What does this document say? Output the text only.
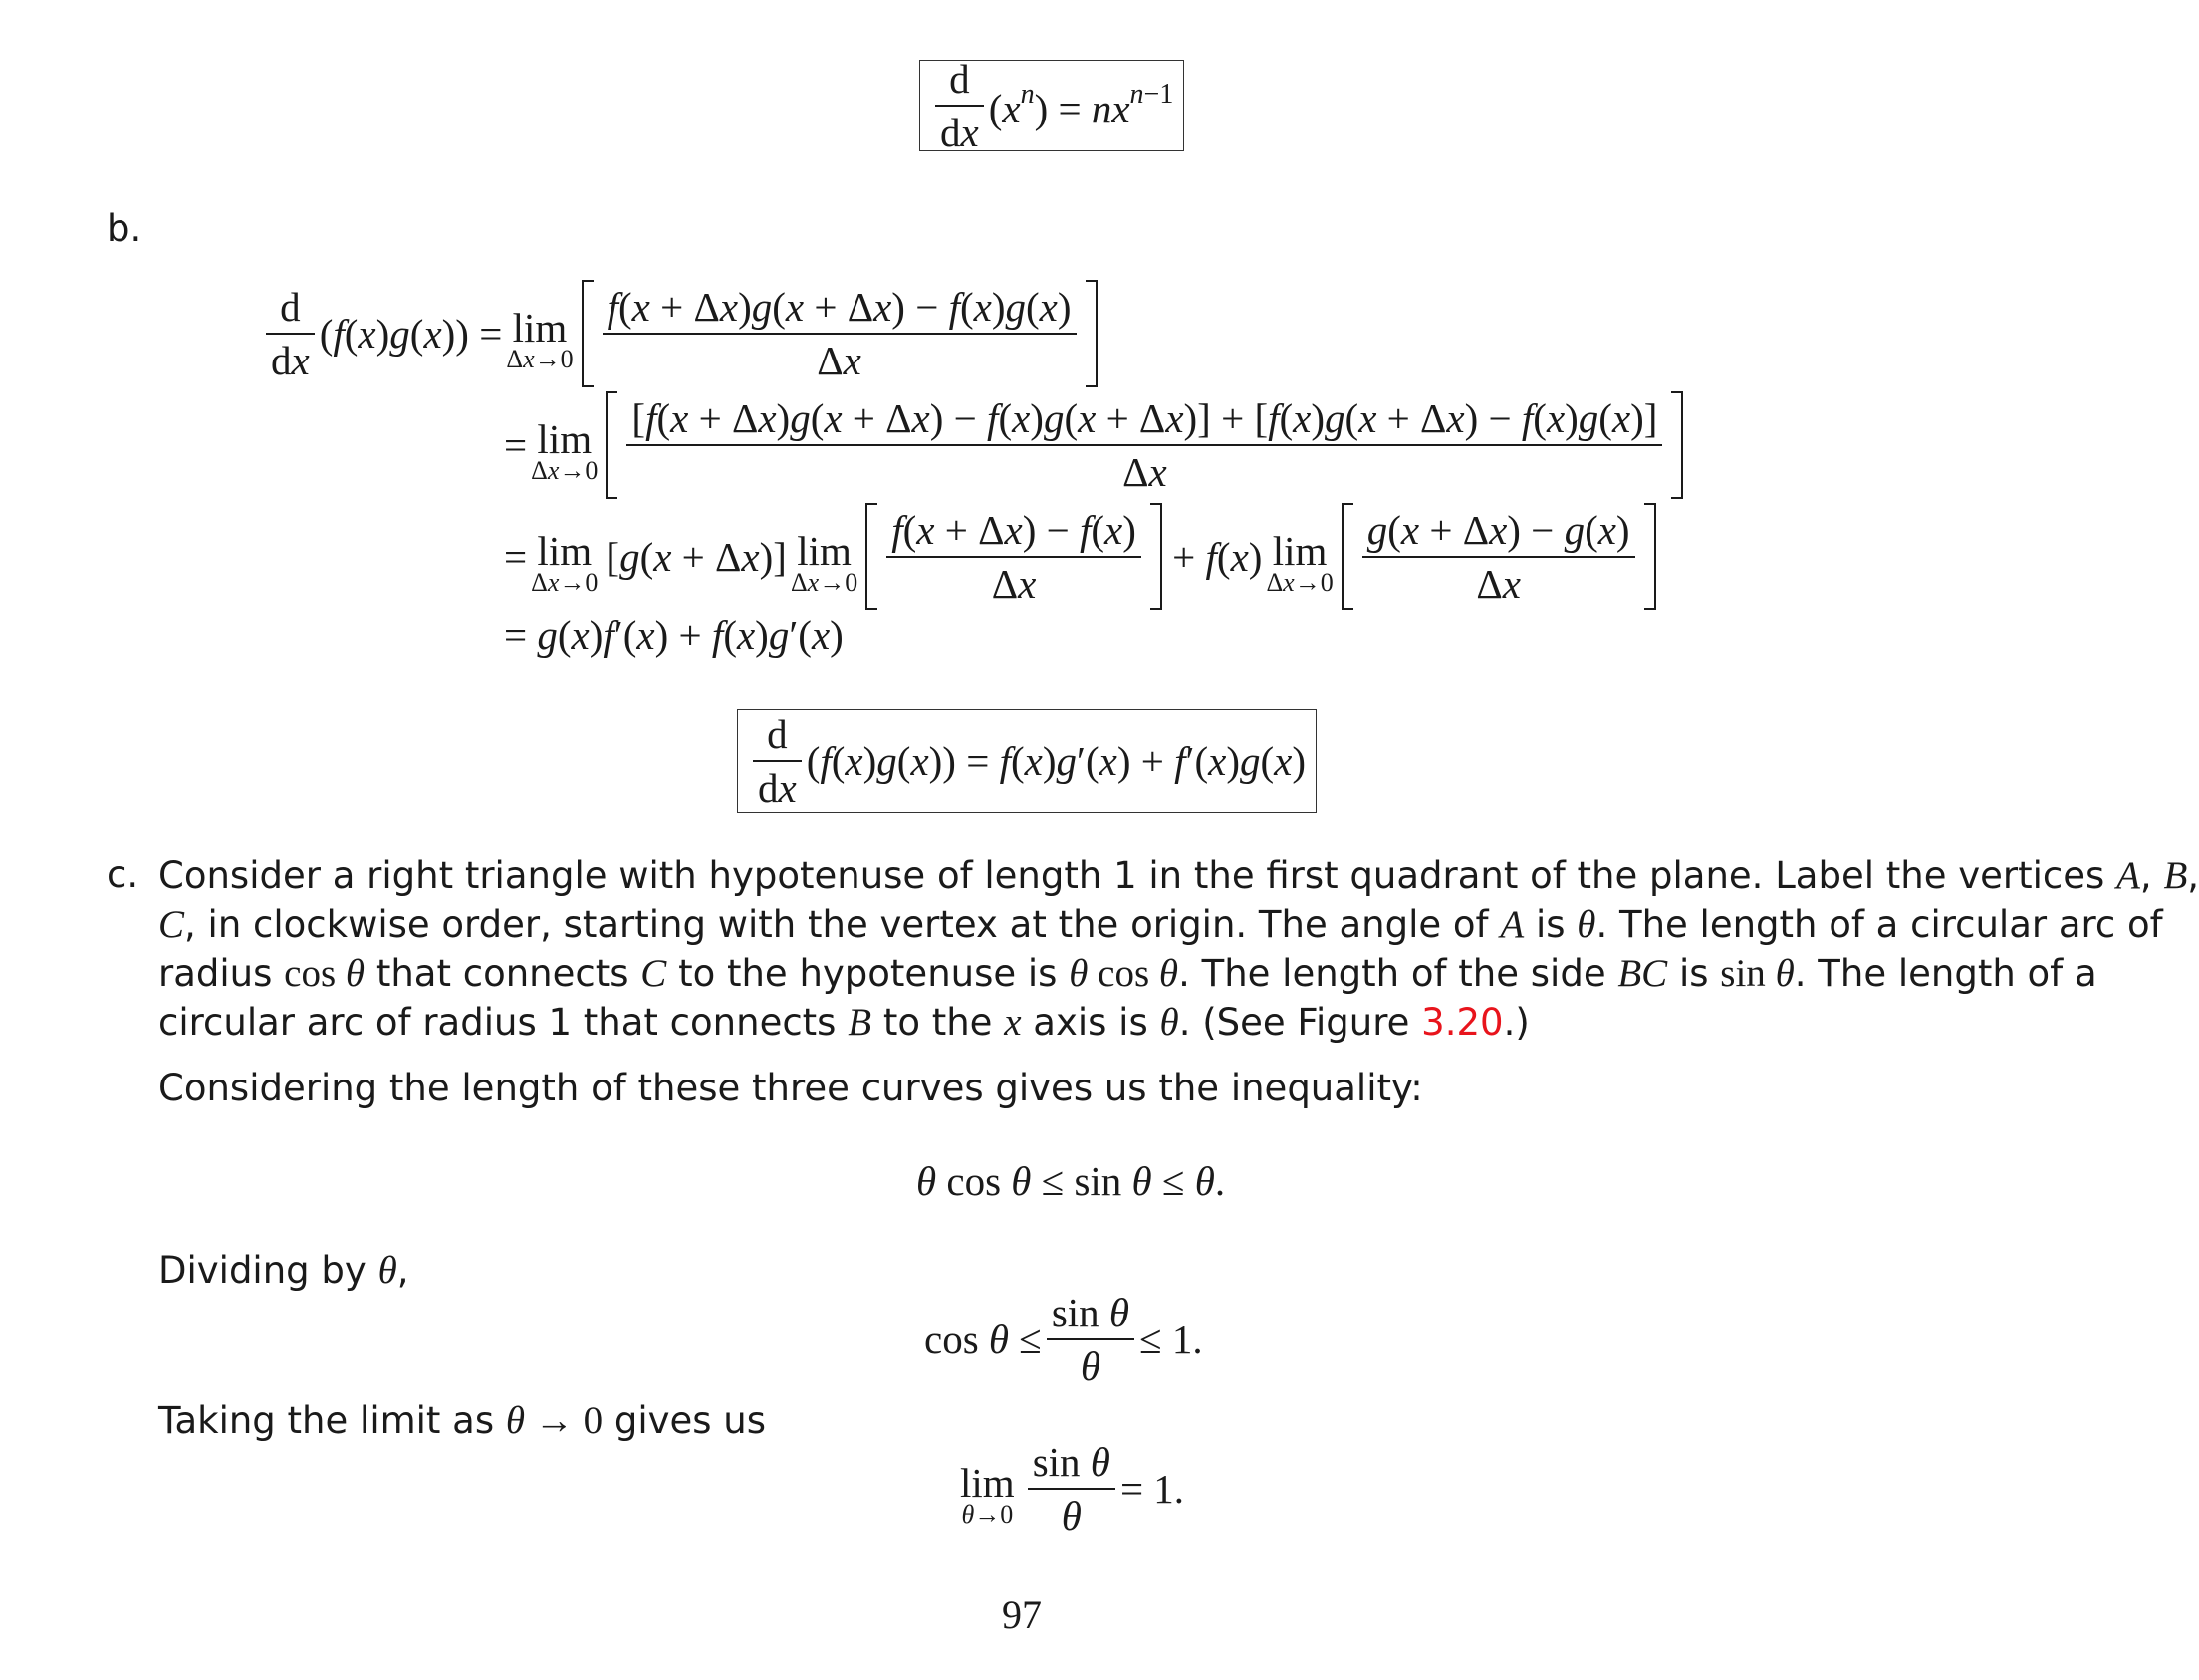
$\frac{d}{dx} (x^n) = nx^{n-1}$
b.
$\frac{d}{dx} (f(x)g(x)) = \lim$
$\Delta x\to 0 \frac{f(x + \Delta x)g(x + \Delta x) - f(x)g(x)}{\Delta x}$
= lim
Δx→0
[f(x + Δx)g(x + Δx) − f(x)g(x + Δx)] + [f(x)g(x + Δx) − f(x)g(x)]
Δx
= lim
Δx→0
[g(x + Δx)] lim
$\Delta x\to 0 \frac{f(x + \Delta x) - f(x)}{\Delta x} + f(x)$ lim
$\Delta x\to 0 \frac{g(x + \Delta x) - g(x)}{\Delta x}$
= g(x)f′(x) + f(x)g′(x)
$\frac{d}{dx} (f(x)g(x)) = f(x)g'(x) + f'(x)g(x)$
c. Consider a right triangle with hypotenuse of length 1 in the first quadrant of the plane. Label the vertices A, B,
C, in clockwise order, starting with the vertex at the origin. The angle of A is θ. The length of a circular arc of
radius cos θ that connects C to the hypotenuse is θ cos θ. The length of the side BC is sin θ. The length of a
circular arc of radius 1 that connects B to the x axis is θ. (See Figure 3.20.)
Considering the length of these three curves gives us the inequality:
θ cos θ ≤ sin θ ≤ θ.
Dividing by θ,
$\cos \theta \le \frac{\text{sin θ}}{\theta} \le 1$.
Taking the limit as θ → 0 gives us
lim
$\theta\to 0 \frac{\text{sin θ}}{\theta} = 1$.
97
